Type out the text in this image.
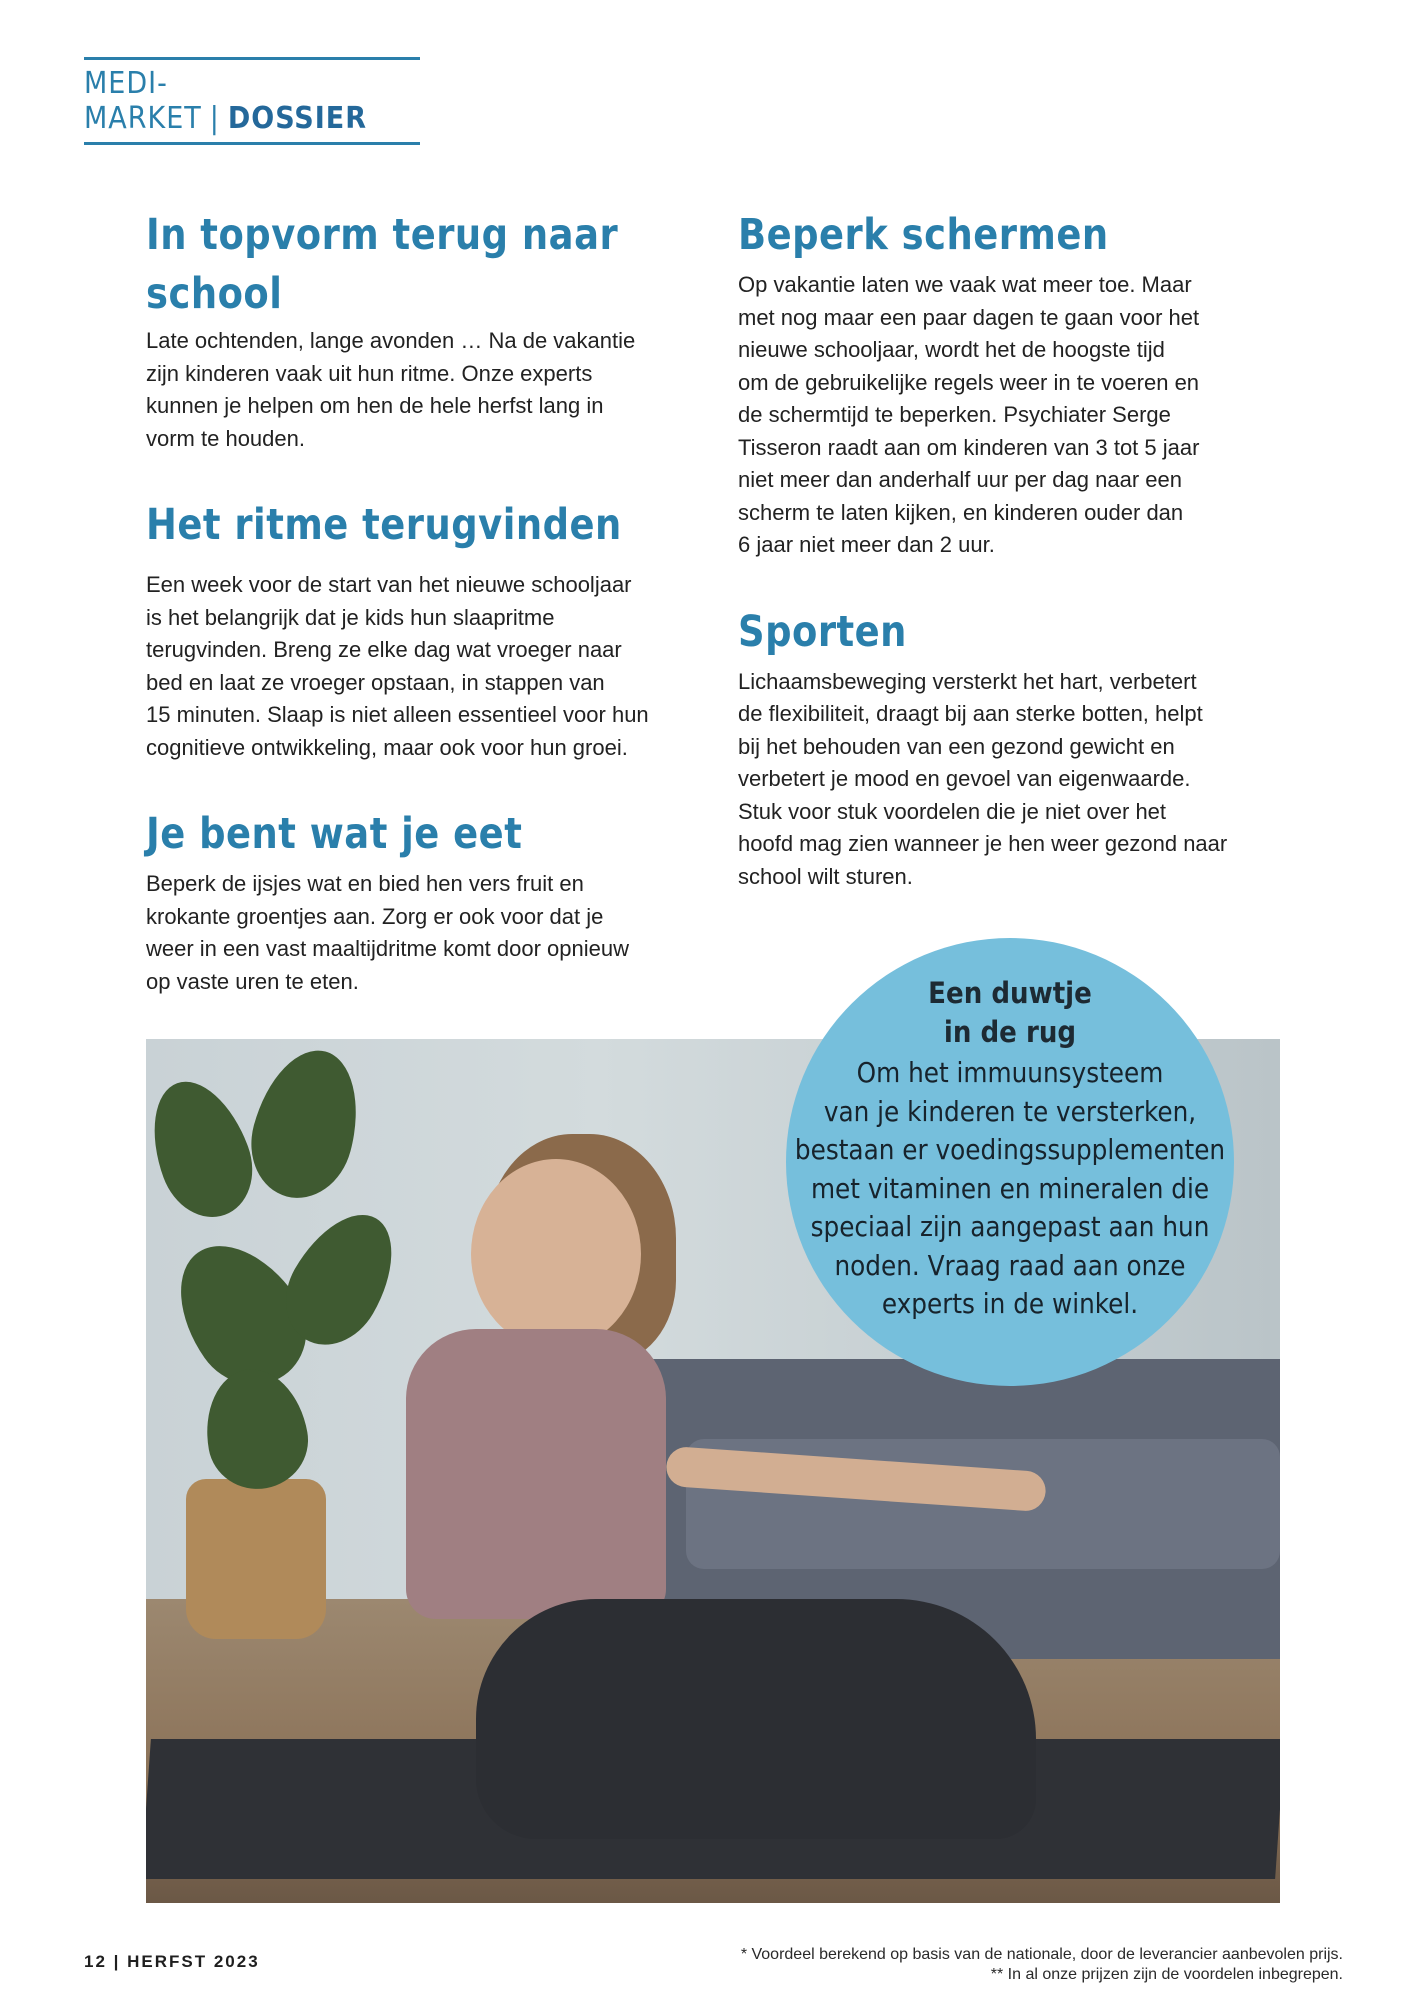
MEDI-MARKET | DOSSIER
In topvorm terug naar school

Late ochtenden, lange avonden … Na de vakantie
zijn kinderen vaak uit hun ritme. Onze experts
kunnen je helpen om hen de hele herfst lang in
vorm te houden.

Het ritme terugvinden

Een week voor de start van het nieuwe schooljaar
is het belangrijk dat je kids hun slaapritme
terugvinden. Breng ze elke dag wat vroeger naar
bed en laat ze vroeger opstaan, in stappen van
15 minuten. Slaap is niet alleen essentieel voor hun
cognitieve ontwikkeling, maar ook voor hun groei.

Je bent wat je eet

Beperk de ijsjes wat en bied hen vers fruit en
krokante groentjes aan. Zorg er ook voor dat je
weer in een vast maaltijdritme komt door opnieuw
op vaste uren te eten.

Beperk schermen

Op vakantie laten we vaak wat meer toe. Maar
met nog maar een paar dagen te gaan voor het
nieuwe schooljaar, wordt het de hoogste tijd
om de gebruikelijke regels weer in te voeren en
de schermtijd te beperken. Psychiater Serge
Tisseron raadt aan om kinderen van 3 tot 5 jaar
niet meer dan anderhalf uur per dag naar een
scherm te laten kijken, en kinderen ouder dan
6 jaar niet meer dan 2 uur.

Sporten

Lichaamsbeweging versterkt het hart, verbetert
de flexibiliteit, draagt bij aan sterke botten, helpt
bij het behouden van een gezond gewicht en
verbetert je mood en gevoel van eigenwaarde.
Stuk voor stuk voordelen die je niet over het
hoofd mag zien wanneer je hen weer gezond naar
school wilt sturen.

Een duwtje
in de rug
Om het immuunsysteem
van je kinderen te versterken,
bestaan er voedingssupplementen
met vitaminen en mineralen die
speciaal zijn aangepast aan hun
noden. Vraag raad aan onze
experts in de winkel.
12 | HERFST 2023	* Voordeel berekend op basis van de nationale, door de leverancier aanbevolen prijs.
** In al onze prijzen zijn de voordelen inbegrepen.
